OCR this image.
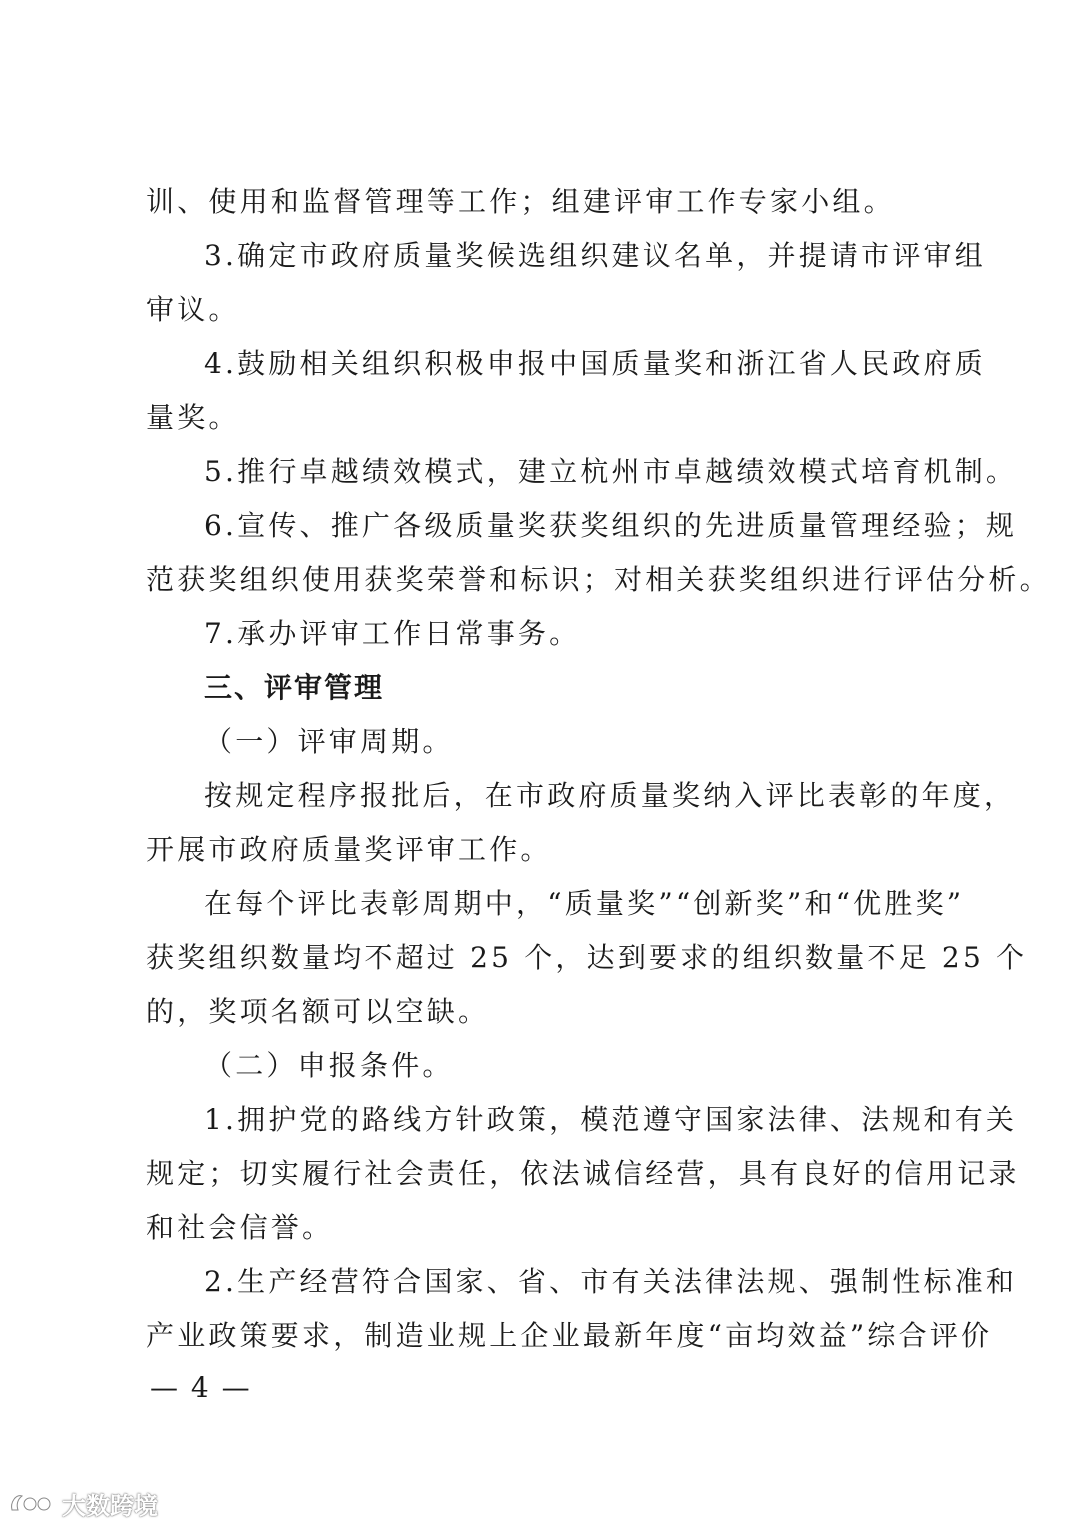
训、使用和监督管理等工作；组建评审工作专家小组。
3.确定市政府质量奖候选组织建议名单，并提请市评审组
审议。
4.鼓励相关组织积极申报中国质量奖和浙江省人民政府质
量奖。
5.推行卓越绩效模式，建立杭州市卓越绩效模式培育机制。
6.宣传、推广各级质量奖获奖组织的先进质量管理经验；规
范获奖组织使用获奖荣誉和标识；对相关获奖组织进行评估分析。
7.承办评审工作日常事务。
三、评审管理
（一）评审周期。
按规定程序报批后，在市政府质量奖纳入评比表彰的年度，
开展市政府质量奖评审工作。
在每个评比表彰周期中，“质量奖”“创新奖”和“优胜奖”
获奖组织数量均不超过 25 个，达到要求的组织数量不足 25 个
的，奖项名额可以空缺。
（二）申报条件。
1.拥护党的路线方针政策，模范遵守国家法律、法规和有关
规定；切实履行社会责任，依法诚信经营，具有良好的信用记录
和社会信誉。
2.生产经营符合国家、省、市有关法律法规、强制性标准和
产业政策要求，制造业规上企业最新年度“亩均效益”综合评价
— 4 —
大数跨境
